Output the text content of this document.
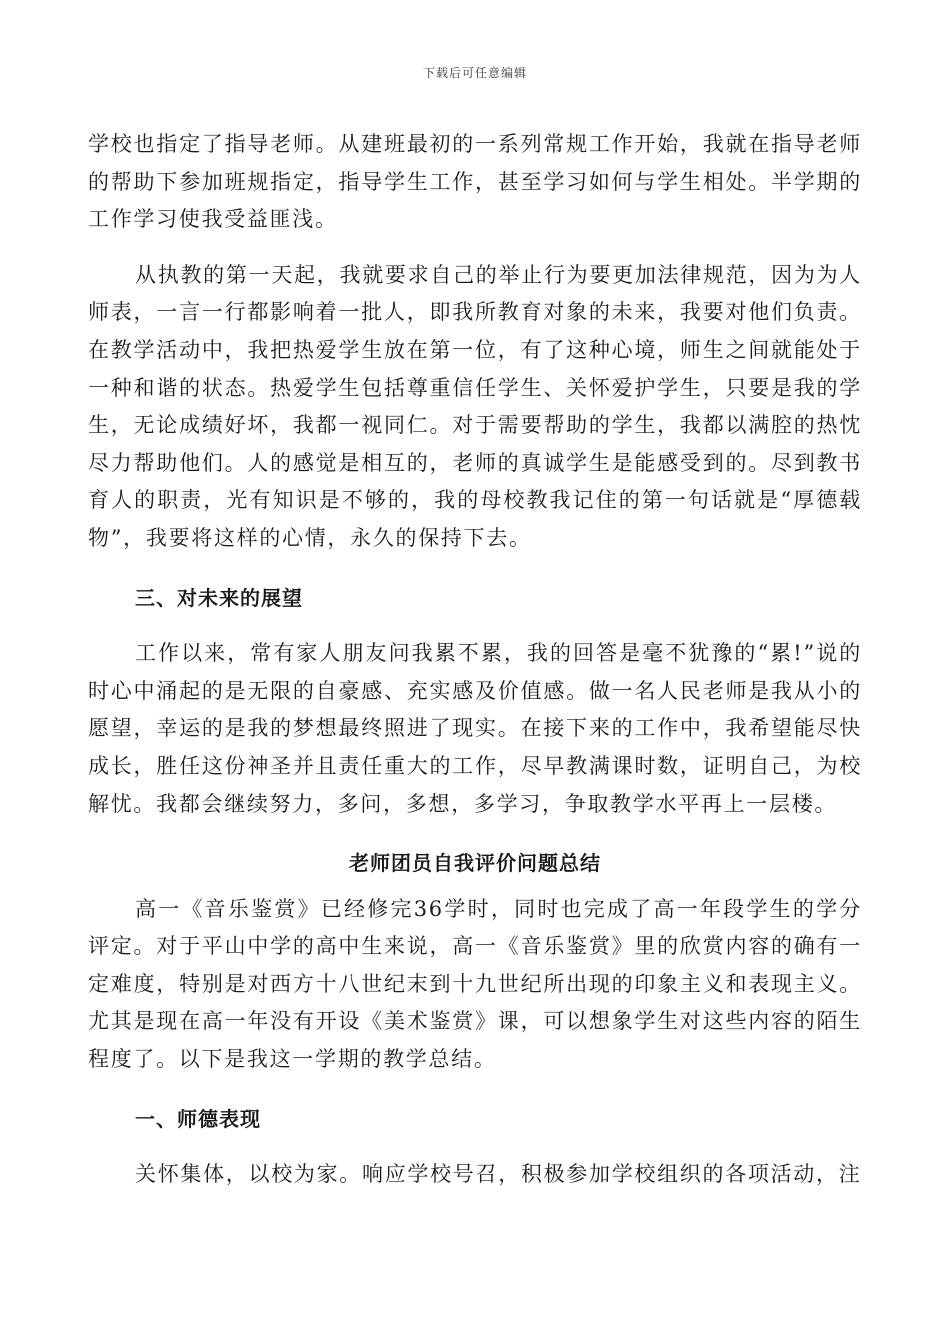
下载后可任意编辑

学校也指定了指导老师。从建班最初的一系列常规工作开始，我就在指导老师的帮助下参加班规指定，指导学生工作，甚至学习如何与学生相处。半学期的工作学习使我受益匪浅。

从执教的第一天起，我就要求自己的举止行为要更加法律规范，因为为人师表，一言一行都影响着一批人，即我所教育对象的未来，我要对他们负责。在教学活动中，我把热爱学生放在第一位，有了这种心境，师生之间就能处于一种和谐的状态。热爱学生包括尊重信任学生、关怀爱护学生，只要是我的学生，无论成绩好坏，我都一视同仁。对于需要帮助的学生，我都以满腔的热忱尽力帮助他们。人的感觉是相互的，老师的真诚学生是能感受到的。尽到教书育人的职责，光有知识是不够的，我的母校教我记住的第一句话就是“厚德载物”，我要将这样的心情，永久的保持下去。

三、对未来的展望

工作以来，常有家人朋友问我累不累，我的回答是毫不犹豫的“累!”说的时心中涌起的是无限的自豪感、充实感及价值感。做一名人民老师是我从小的愿望，幸运的是我的梦想最终照进了现实。在接下来的工作中，我希望能尽快成长，胜任这份神圣并且责任重大的工作，尽早教满课时数，证明自己，为校解忧。我都会继续努力，多问，多想，多学习，争取教学水平再上一层楼。

老师团员自我评价问题总结

高一《音乐鉴赏》已经修完36学时，同时也完成了高一年段学生的学分评定。对于平山中学的高中生来说，高一《音乐鉴赏》里的欣赏内容的确有一定难度，特别是对西方十八世纪末到十九世纪所出现的印象主义和表现主义。尤其是现在高一年没有开设《美术鉴赏》课，可以想象学生对这些内容的陌生程度了。以下是我这一学期的教学总结。

一、师德表现

关怀集体，以校为家。响应学校号召，积极参加学校组织的各项活动，注
